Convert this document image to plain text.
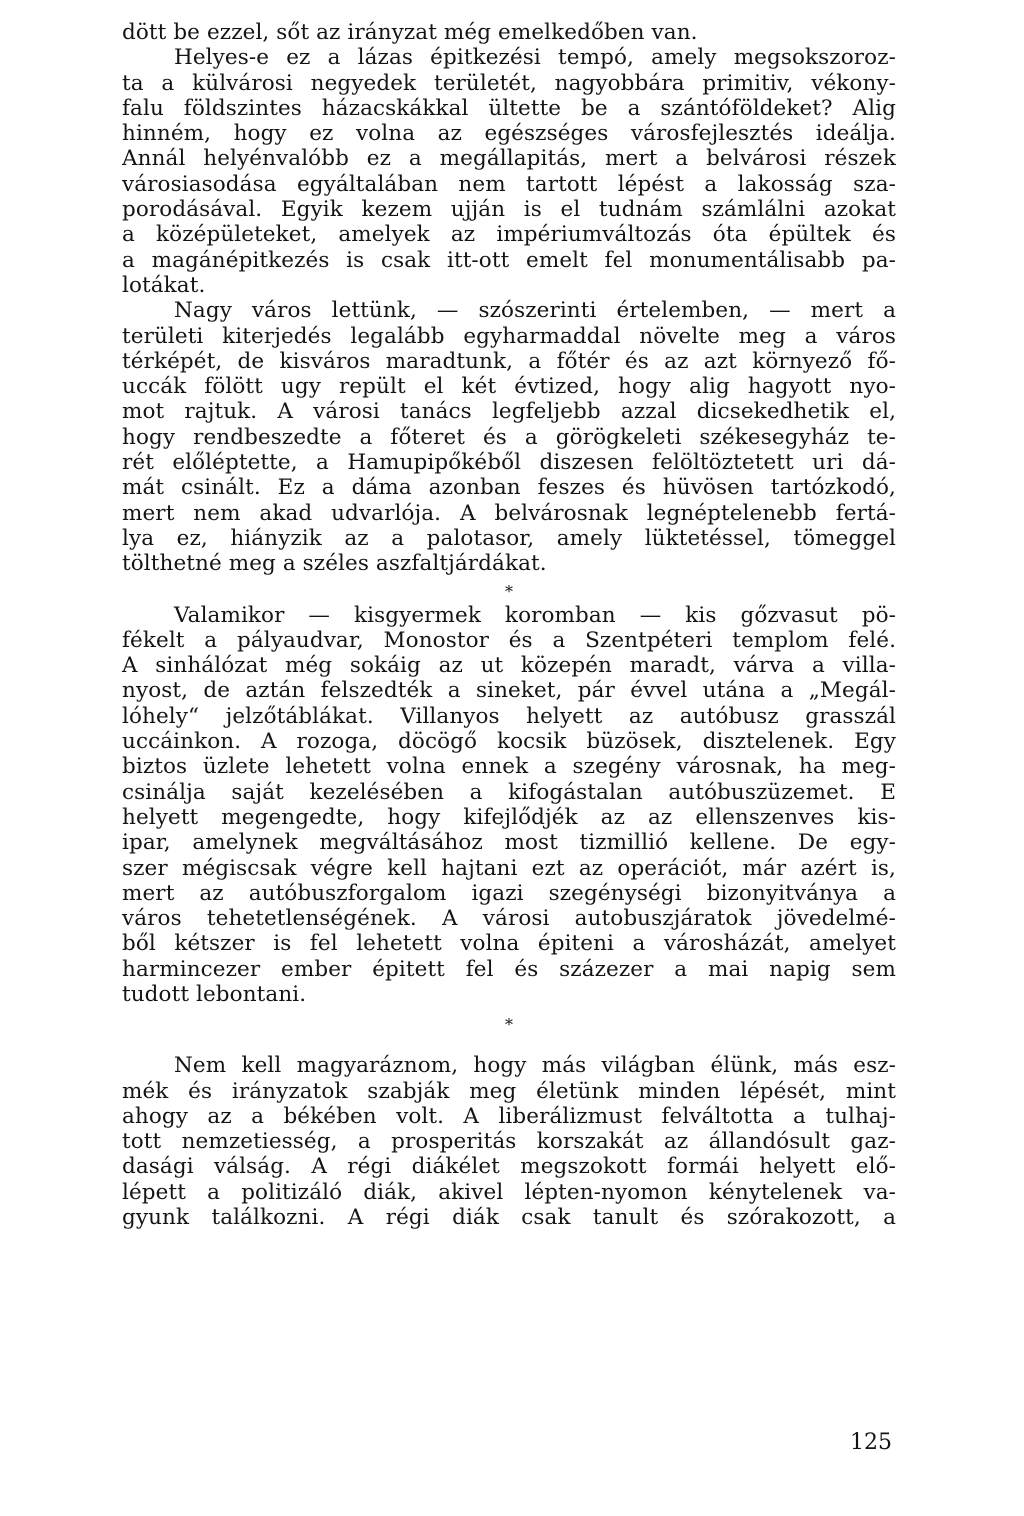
dött be ezzel, sőt az irányzat még emelkedőben van.
Helyes-e ez a lázas épitkezési tempó, amely megsokszoroz-
ta a külvárosi negyedek területét, nagyobbára primitiv, vékony-
falu földszintes házacskákkal ültette be a szántóföldeket? Alig
hinném, hogy ez volna az egészséges városfejlesztés ideálja.
Annál helyénvalóbb ez a megállapitás, mert a belvárosi részek
városiasodása egyáltalában nem tartott lépést a lakosság sza-
porodásával. Egyik kezem ujján is el tudnám számlálni azokat
a középületeket, amelyek az impériumváltozás óta épültek és
a magánépitkezés is csak itt-ott emelt fel monumentálisabb pa-
lotákat.
Nagy város lettünk, — szószerinti értelemben, — mert a
területi kiterjedés legalább egyharmaddal növelte meg a város
térképét, de kisváros maradtunk, a főtér és az azt környező fő-
uccák fölött ugy repült el két évtized, hogy alig hagyott nyo-
mot rajtuk. A városi tanács legfeljebb azzal dicsekedhetik el,
hogy rendbeszedte a főteret és a görögkeleti székesegyház te-
rét előléptette, a Hamupipőkéből diszesen felöltöztetett uri dá-
mát csinált. Ez a dáma azonban feszes és hüvösen tartózkodó,
mert nem akad udvarlója. A belvárosnak legnéptelenebb fertá-
lya ez, hiányzik az a palotasor, amely lüktetéssel, tömeggel
tölthetné meg a széles aszfaltjárdákat.
*
Valamikor — kisgyermek koromban — kis gőzvasut pö-
fékelt a pályaudvar, Monostor és a Szentpéteri templom felé.
A sinhálózat még sokáig az ut közepén maradt, várva a villa-
nyost, de aztán felszedték a sineket, pár évvel utána a „Megál-
lóhely“ jelzőtáblákat. Villanyos helyett az autóbusz grasszál
uccáinkon. A rozoga, döcögő kocsik büzösek, disztelenek. Egy
biztos üzlete lehetett volna ennek a szegény városnak, ha meg-
csinálja saját kezelésében a kifogástalan autóbuszüzemet. E
helyett megengedte, hogy kifejlődjék az az ellenszenves kis-
ipar, amelynek megváltásához most tizmillió kellene. De egy-
szer mégiscsak végre kell hajtani ezt az operációt, már azért is,
mert az autóbuszforgalom igazi szegénységi bizonyitványa a
város tehetetlenségének. A városi autobuszjáratok jövedelmé-
ből kétszer is fel lehetett volna épiteni a városházát, amelyet
harmincezer ember épitett fel és százezer a mai napig sem
tudott lebontani.
*
Nem kell magyaráznom, hogy más világban élünk, más esz-
mék és irányzatok szabják meg életünk minden lépését, mint
ahogy az a békében volt. A liberálizmust felváltotta a tulhaj-
tott nemzetiesség, a prosperitás korszakát az állandósult gaz-
dasági válság. A régi diákélet megszokott formái helyett elő-
lépett a politizáló diák, akivel lépten-nyomon kénytelenek va-
gyunk találkozni. A régi diák csak tanult és szórakozott, a
125
